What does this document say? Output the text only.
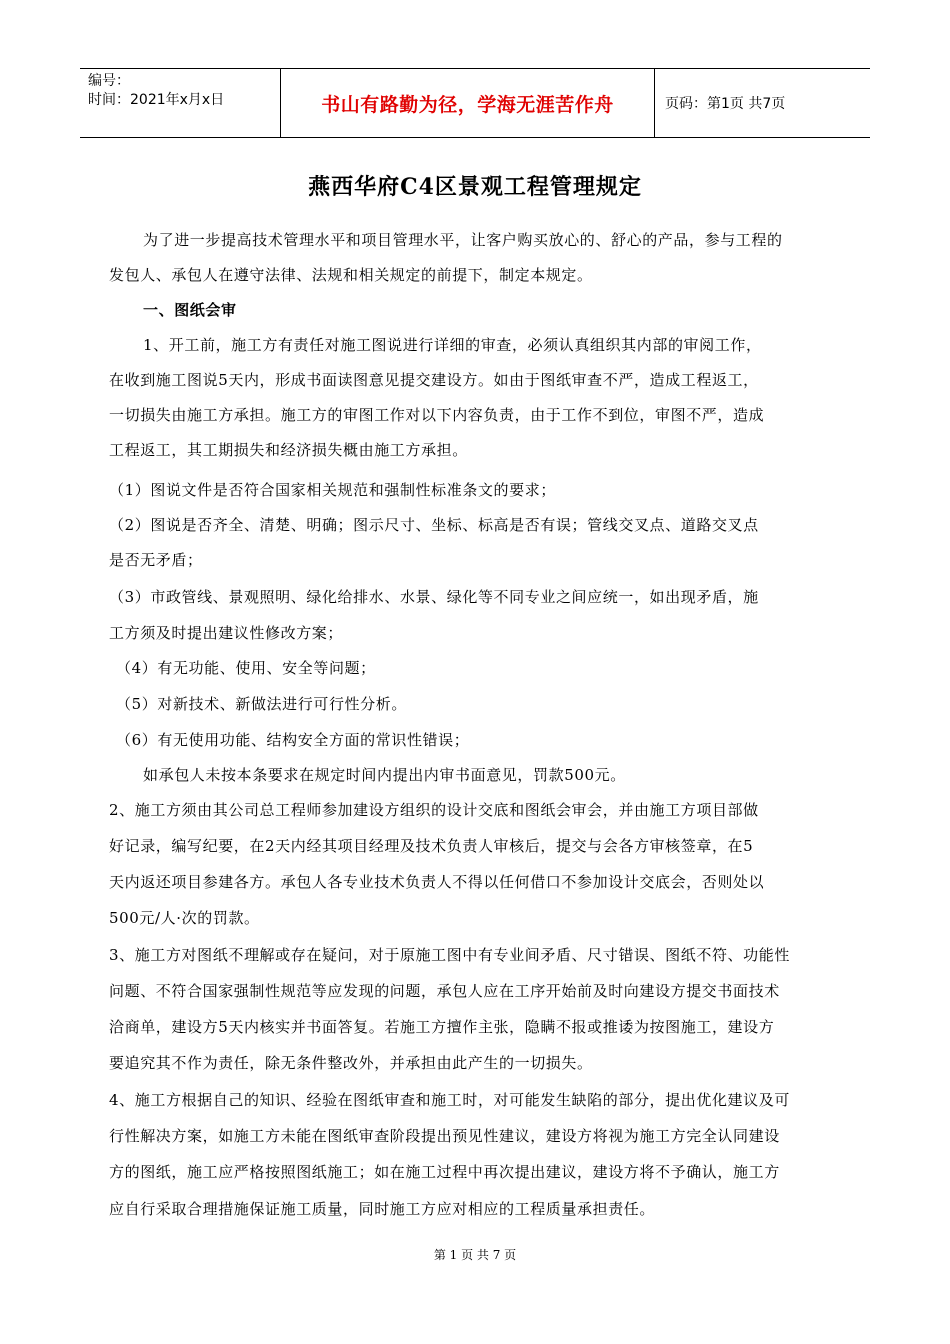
编号：
时间：2021年x月x日	书山有路勤为径，学海无涯苦作舟	页码：第1页 共7页
燕西华府C4区景观工程管理规定
为了进一步提高技术管理水平和项目管理水平，让客户购买放心的、舒心的产品，参与工程的
发包人、承包人在遵守法律、法规和相关规定的前提下，制定本规定。
一、图纸会审
1、开工前，施工方有责任对施工图说进行详细的审查，必须认真组织其内部的审阅工作，
在收到施工图说5天内，形成书面读图意见提交建设方。如由于图纸审查不严，造成工程返工，
一切损失由施工方承担。施工方的审图工作对以下内容负责，由于工作不到位，审图不严，造成
工程返工，其工期损失和经济损失概由施工方承担。
（1）图说文件是否符合国家相关规范和强制性标准条文的要求；
（2）图说是否齐全、清楚、明确；图示尺寸、坐标、标高是否有误；管线交叉点、道路交叉点
是否无矛盾；
（3）市政管线、景观照明、绿化给排水、水景、绿化等不同专业之间应统一，如出现矛盾，施
工方须及时提出建议性修改方案；
（4）有无功能、使用、安全等问题；
（5）对新技术、新做法进行可行性分析。
（6）有无使用功能、结构安全方面的常识性错误；
如承包人未按本条要求在规定时间内提出内审书面意见，罚款500元。
2、施工方须由其公司总工程师参加建设方组织的设计交底和图纸会审会，并由施工方项目部做
好记录，编写纪要，在2天内经其项目经理及技术负责人审核后，提交与会各方审核签章，在5
天内返还项目参建各方。承包人各专业技术负责人不得以任何借口不参加设计交底会，否则处以
500元/人·次的罚款。
3、施工方对图纸不理解或存在疑问，对于原施工图中有专业间矛盾、尺寸错误、图纸不符、功能性
问题、不符合国家强制性规范等应发现的问题，承包人应在工序开始前及时向建设方提交书面技术
洽商单，建设方5天内核实并书面答复。若施工方擅作主张，隐瞒不报或推诿为按图施工，建设方
要追究其不作为责任，除无条件整改外，并承担由此产生的一切损失。
4、施工方根据自己的知识、经验在图纸审查和施工时，对可能发生缺陷的部分，提出优化建议及可
行性解决方案，如施工方未能在图纸审查阶段提出预见性建议，建设方将视为施工方完全认同建设
方的图纸，施工应严格按照图纸施工；如在施工过程中再次提出建议，建设方将不予确认，施工方
应自行采取合理措施保证施工质量，同时施工方应对相应的工程质量承担责任。
第 1 页 共 7 页
